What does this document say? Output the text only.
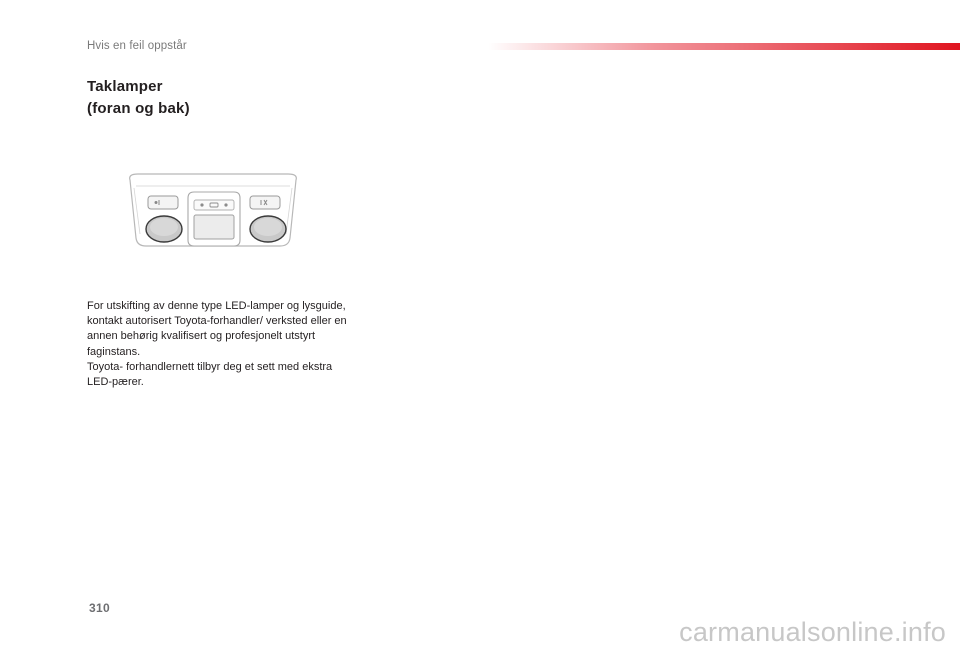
Hvis en feil oppstår
Taklamper
(foran og bak)

For utskifting av denne type LED-lamper og lysguide, kontakt autorisert Toyota-forhandler/ verksted eller en annen behørig kvalifisert og profesjonelt utstyrt faginstans.

Toyota- forhandlernett tilbyr deg et sett med ekstra LED-pærer.

310
carmanualsonline.info
